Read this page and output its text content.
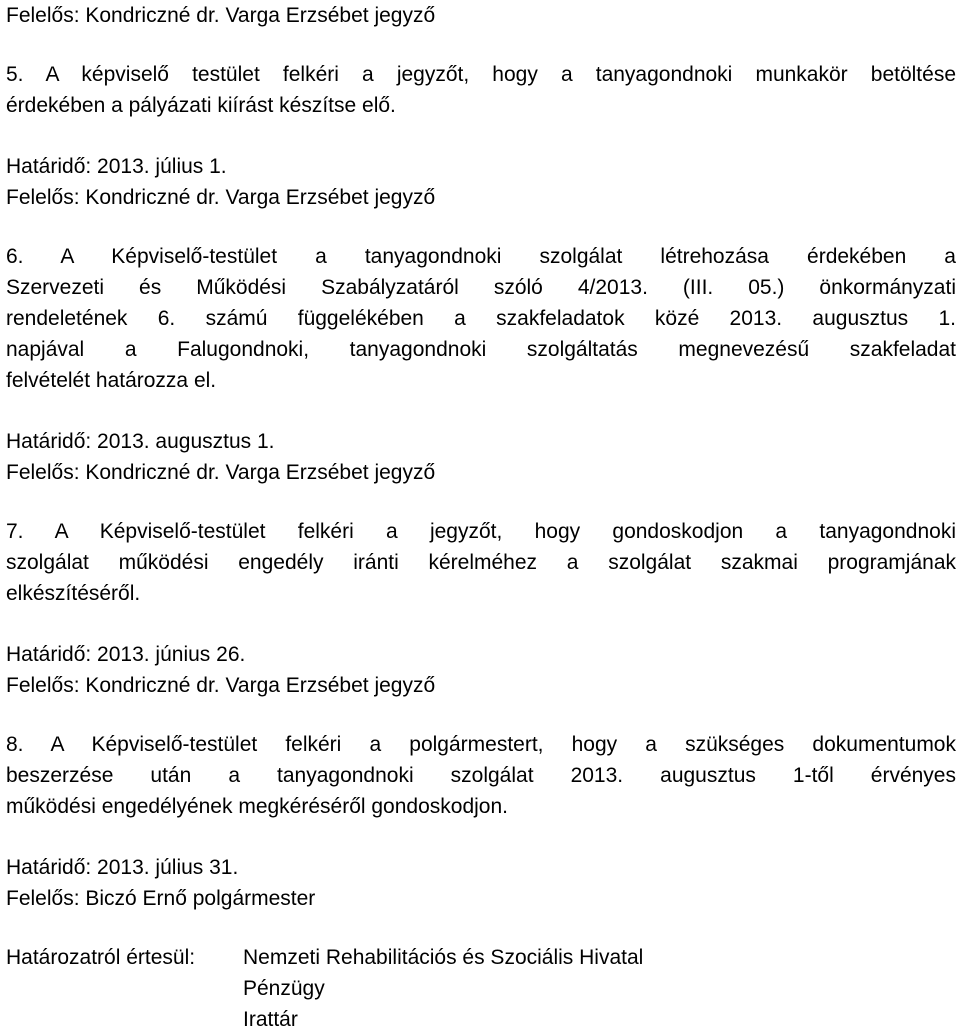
Felelős: Kondriczné dr. Varga Erzsébet jegyző
5. A képviselő testület felkéri a jegyzőt, hogy a tanyagondnoki munkakör betöltése
érdekében a pályázati kiírást készítse elő.
Határidő: 2013. július 1.
Felelős: Kondriczné dr. Varga Erzsébet jegyző
6. A Képviselő-testület a tanyagondnoki szolgálat létrehozása érdekében a
Szervezeti és Működési Szabályzatáról szóló 4/2013. (III. 05.) önkormányzati
rendeletének 6. számú függelékében a szakfeladatok közé 2013. augusztus 1.
napjával a Falugondnoki, tanyagondnoki szolgáltatás megnevezésű szakfeladat
felvételét határozza el.
Határidő: 2013. augusztus 1.
Felelős: Kondriczné dr. Varga Erzsébet jegyző
7. A Képviselő-testület felkéri a jegyzőt, hogy gondoskodjon a tanyagondnoki
szolgálat működési engedély iránti kérelméhez a szolgálat szakmai programjának
elkészítéséről.
Határidő: 2013. június 26.
Felelős: Kondriczné dr. Varga Erzsébet jegyző
8. A Képviselő-testület felkéri a polgármestert, hogy a szükséges dokumentumok
beszerzése után a tanyagondnoki szolgálat 2013. augusztus 1-től érvényes
működési engedélyének megkéréséről gondoskodjon.
Határidő: 2013. július 31.
Felelős: Biczó Ernő polgármester
Határozatról értesül:	Nemzeti Rehabilitációs és Szociális Hivatal
Pénzügy
Irattár
